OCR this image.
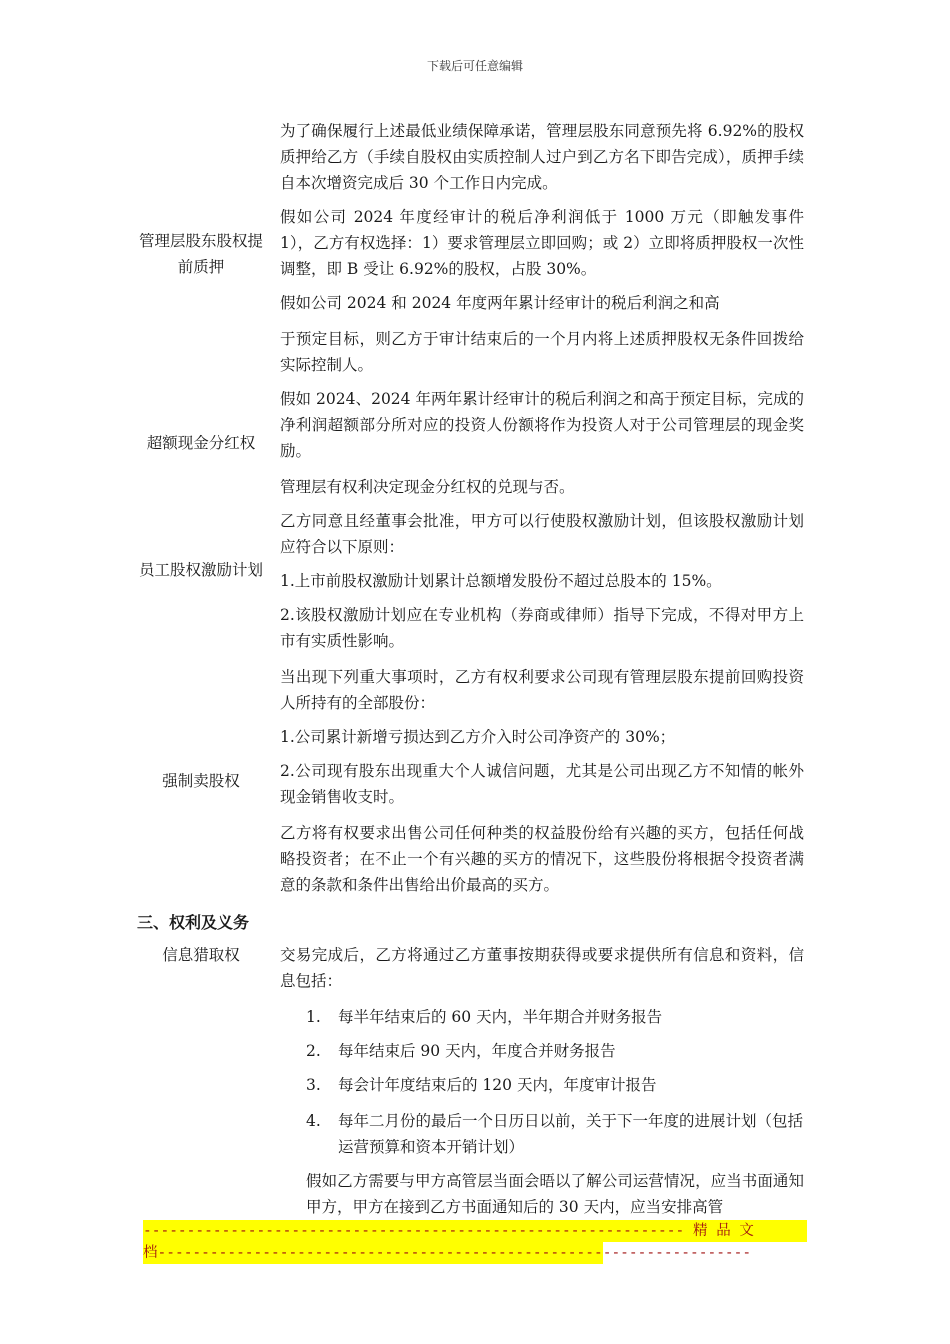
下载后可任意编辑
管理层股东股权提前质押
为了确保履行上述最低业绩保障承诺，管理层股东同意预先将 6.92%的股权质押给乙方（手续自股权由实质控制人过户到乙方名下即告完成），质押手续自本次增资完成后 30 个工作日内完成。
假如公司 2024 年度经审计的税后净利润低于 1000 万元（即触发事件 1），乙方有权选择：1）要求管理层立即回购；或 2）立即将质押股权一次性调整，即 B 受让 6.92%的股权，占股 30%。
假如公司 2024 和 2024 年度两年累计经审计的税后利润之和高
于预定目标，则乙方于审计结束后的一个月内将上述质押股权无条件回拨给实际控制人。
超额现金分红权
假如 2024、2024 年两年累计经审计的税后利润之和高于预定目标，完成的净利润超额部分所对应的投资人份额将作为投资人对于公司管理层的现金奖励。
管理层有权利决定现金分红权的兑现与否。
员工股权激励计划
乙方同意且经董事会批准，甲方可以行使股权激励计划，但该股权激励计划应符合以下原则：
1.上市前股权激励计划累计总额增发股份不超过总股本的 15%。
2.该股权激励计划应在专业机构（券商或律师）指导下完成，不得对甲方上市有实质性影响。
强制卖股权
当出现下列重大事项时，乙方有权利要求公司现有管理层股东提前回购投资人所持有的全部股份：
1.公司累计新增亏损达到乙方介入时公司净资产的 30%；
2.公司现有股东出现重大个人诚信问题，尤其是公司出现乙方不知情的帐外现金销售收支时。
乙方将有权要求出售公司任何种类的权益股份给有兴趣的买方，包括任何战略投资者；在不止一个有兴趣的买方的情况下，这些股份将根据令投资者满意的条款和条件出售给出价最高的买方。
三、权利及义务
信息猎取权	交易完成后，乙方将通过乙方董事按期获得或要求提供所有信息和资料，信息包括：
1. 每半年结束后的 60 天内，半年期合并财务报告
2. 每年结束后 90 天内，年度合并财务报告
3. 每会计年度结束后的 120 天内，年度审计报告
4. 每年二月份的最后一个日历日以前，关于下一年度的进展计划（包括运营预算和资本开销计划）
假如乙方需要与甲方高管层当面会晤以了解公司运营情况，应当书面通知甲方，甲方在接到乙方书面通知后的 30 天内，应当安排高管
-------------------------------------------------------------- 精 品 文
档--------------------------------------------------------------------
